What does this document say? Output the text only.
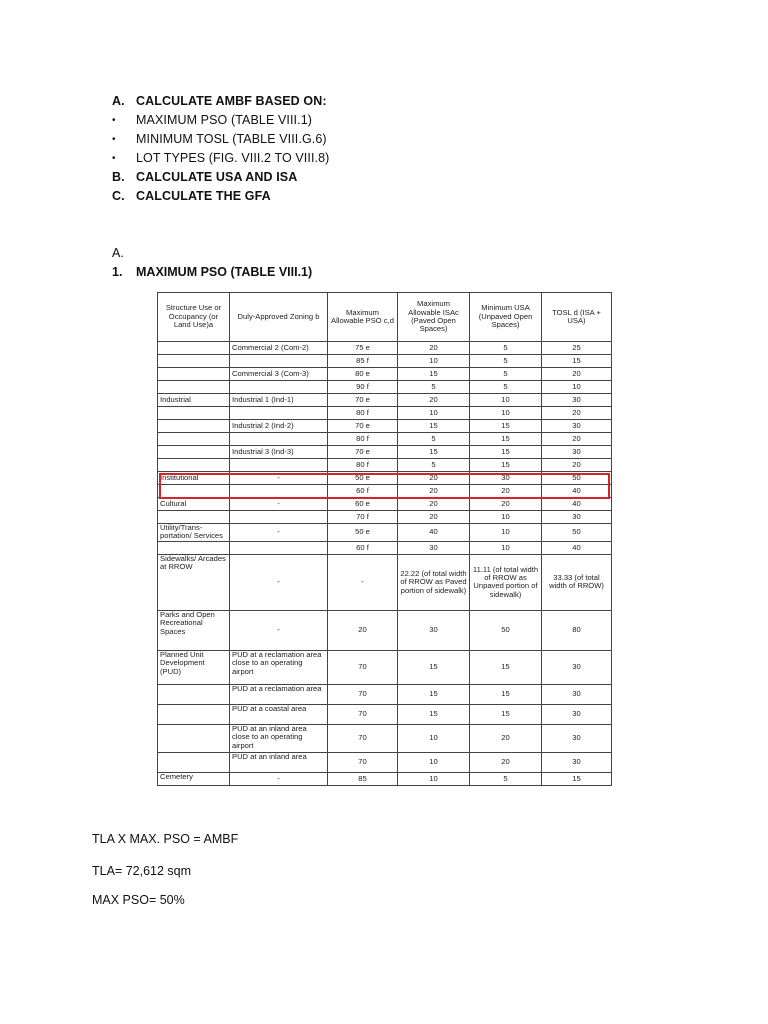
A. CALCULATE AMBF BASED ON:
•	MAXIMUM PSO (TABLE VIII.1)
•	MINIMUM TOSL (TABLE VIII.G.6)
•	LOT TYPES (FIG. VIII.2 TO VIII.8)
B. CALCULATE USA AND ISA
C. CALCULATE THE GFA
A.
1. MAXIMUM PSO (TABLE VIII.1)
Structure Use or Occupancy (or Land Use)a	Duly-Approved Zoning b	Maximum Allowable PSO c,d	Maximum Allowable ISAc (Paved Open Spaces)	Minimum USA (Unpaved Open Spaces)	TOSL d (ISA + USA)
	Commercial 2 (Com-2)	75 e	20	5	25
		85 f	10	5	15
	Commercial 3 (Com-3)	80 e	15	5	20
		90 f	5	5	10
Industrial	Industrial 1 (Ind-1)	70 e	20	10	30
		80 f	10	10	20
	Industrial 2 (Ind-2)	70 e	15	15	30
		80 f	5	15	20
	Industrial 3 (Ind-3)	70 e	15	15	30
		80 f	5	15	20
Institutional	-	50 e	20	30	50
		60 f	20	20	40
Cultural	-	60 e	20	20	40
		70 f	20	10	30
Utility/Trans-portation/ Services	-	50 e	40	10	50
		60 f	30	10	40
Sidewalks/ Arcades at RROW	-	-	22.22 (of total width of RROW as Paved portion of sidewalk)	11.11 (of total width of RROW as Unpaved portion of sidewalk)	33.33 (of total width of RROW)
Parks and Open Recreational Spaces	-	20	30	50	80
Planned Unit Development (PUD)	PUD at a reclamation area close to an operating airport	70	15	15	30
	PUD at a reclamation area	70	15	15	30
	PUD at a coastal area	70	15	15	30
	PUD at an inland area close to an operating airport	70	10	20	30
	PUD at an inland area	70	10	20	30
Cemetery	-	85	10	5	15
TLA X MAX. PSO = AMBF
TLA= 72,612 sqm
MAX PSO= 50%
